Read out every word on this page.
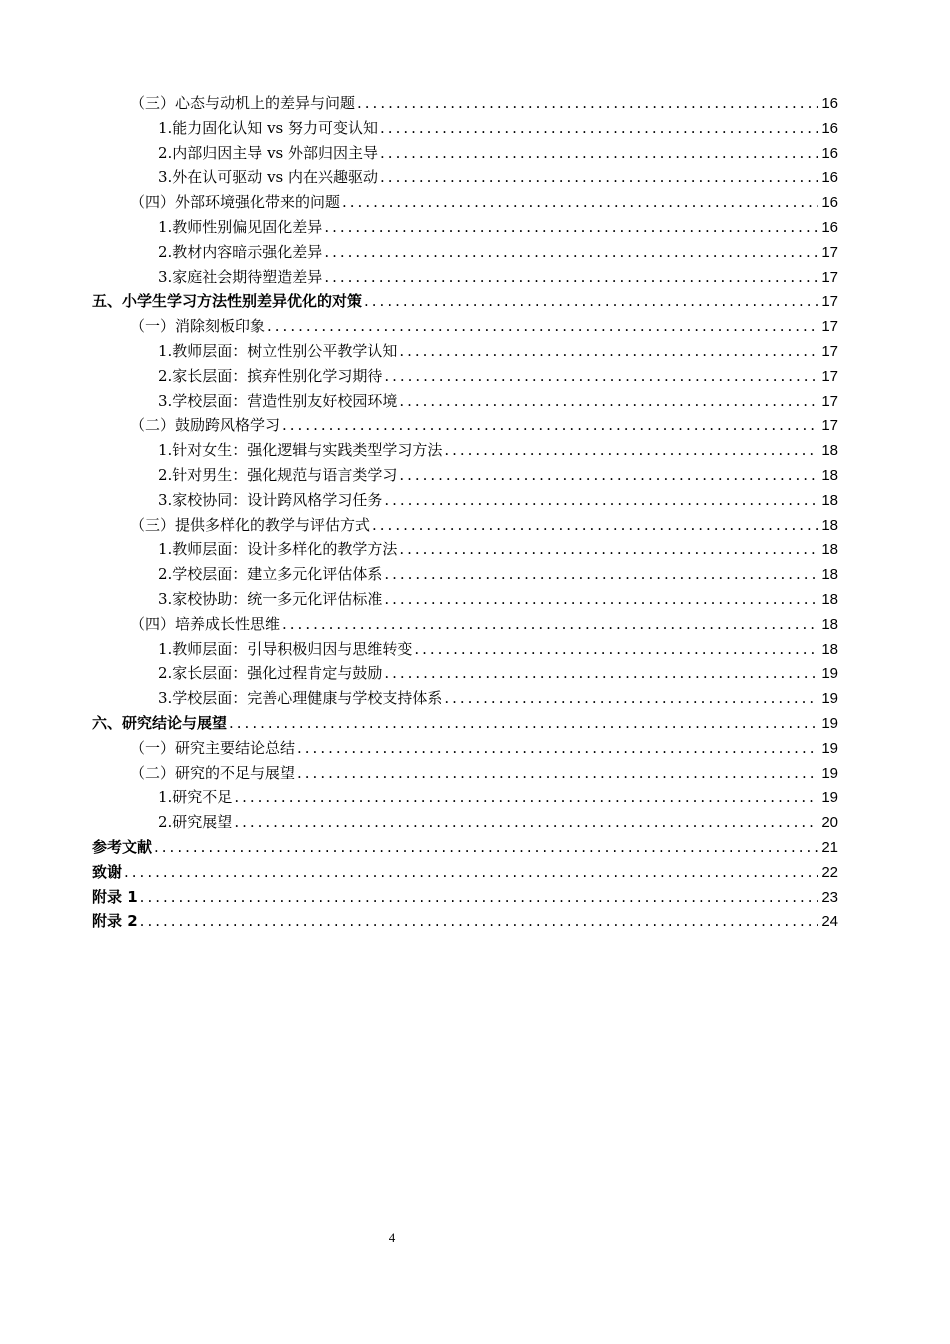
（三）心态与动机上的差异与问题 .....	16
1.能力固化认知 vs 努力可变认知 .....	16
2.内部归因主导 vs 外部归因主导 .....	16
3.外在认可驱动 vs 内在兴趣驱动 .....	16
（四）外部环境强化带来的问题 .....	16
1.教师性别偏见固化差异 .....	16
2.教材内容暗示强化差异 .....	17
3.家庭社会期待塑造差异 .....	17
五、小学生学习方法性别差异优化的对策 .....	17
（一）消除刻板印象 .....	17
1.教师层面：树立性别公平教学认知 .....	17
2.家长层面：摈弃性别化学习期待 .....	17
3.学校层面：营造性别友好校园环境 .....	17
（二）鼓励跨风格学习 .....	17
1.针对女生：强化逻辑与实践类型学习方法 .....	18
2.针对男生：强化规范与语言类学习 .....	18
3.家校协同：设计跨风格学习任务 .....	18
（三）提供多样化的教学与评估方式 .....	18
1.教师层面：设计多样化的教学方法 .....	18
2.学校层面：建立多元化评估体系 .....	18
3.家校协助：统一多元化评估标准 .....	18
（四）培养成长性思维 .....	18
1.教师层面：引导积极归因与思维转变 .....	18
2.家长层面：强化过程肯定与鼓励 .....	19
3.学校层面：完善心理健康与学校支持体系 .....	19
六、研究结论与展望 .....	19
（一）研究主要结论总结 .....	19
（二）研究的不足与展望 .....	19
1.研究不足 .....	19
2.研究展望 .....	20
参考文献 .....	21
致谢 .....	22
附录 1 .....	23
附录 2 .....	24
4
